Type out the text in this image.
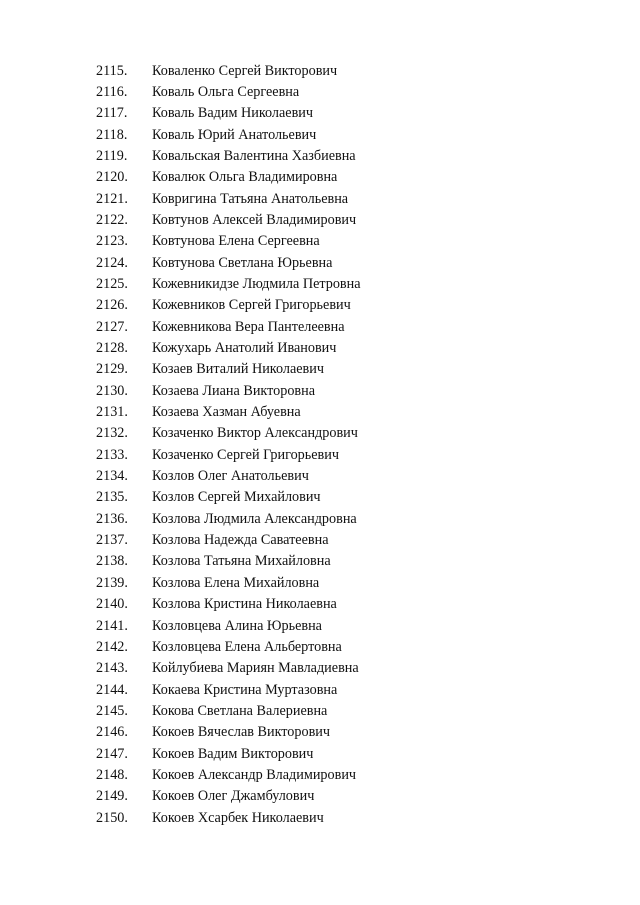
2115.	Коваленко Сергей Викторович
2116.	Коваль Ольга Сергеевна
2117.	Коваль Вадим Николаевич
2118.	Коваль Юрий Анатольевич
2119.	Ковальская Валентина Хазбиевна
2120.	Ковалюк Ольга Владимировна
2121.	Ковригина Татьяна Анатольевна
2122.	Ковтунов Алексей Владимирович
2123.	Ковтунова Елена Сергеевна
2124.	Ковтунова Светлана Юрьевна
2125.	Кожевникидзе Людмила Петровна
2126.	Кожевников Сергей Григорьевич
2127.	Кожевникова Вера Пантелеевна
2128.	Кожухарь Анатолий Иванович
2129.	Козаев Виталий Николаевич
2130.	Козаева Лиана Викторовна
2131.	Козаева Хазман Абуевна
2132.	Козаченко Виктор Александрович
2133.	Козаченко Сергей Григорьевич
2134.	Козлов Олег Анатольевич
2135.	Козлов Сергей Михайлович
2136.	Козлова Людмила Александровна
2137.	Козлова Надежда Саватеевна
2138.	Козлова Татьяна Михайловна
2139.	Козлова Елена Михайловна
2140.	Козлова Кристина Николаевна
2141.	Козловцева Алина Юрьевна
2142.	Козловцева Елена Альбертовна
2143.	Койлубиева Мариян Мавладиевна
2144.	Кокаева Кристина Муртазовна
2145.	Кокова Светлана Валериевна
2146.	Кокоев Вячеслав Викторович
2147.	Кокоев Вадим Викторович
2148.	Кокоев Александр Владимирович
2149.	Кокоев Олег Джамбулович
2150.	Кокоев Хсарбек Николаевич
